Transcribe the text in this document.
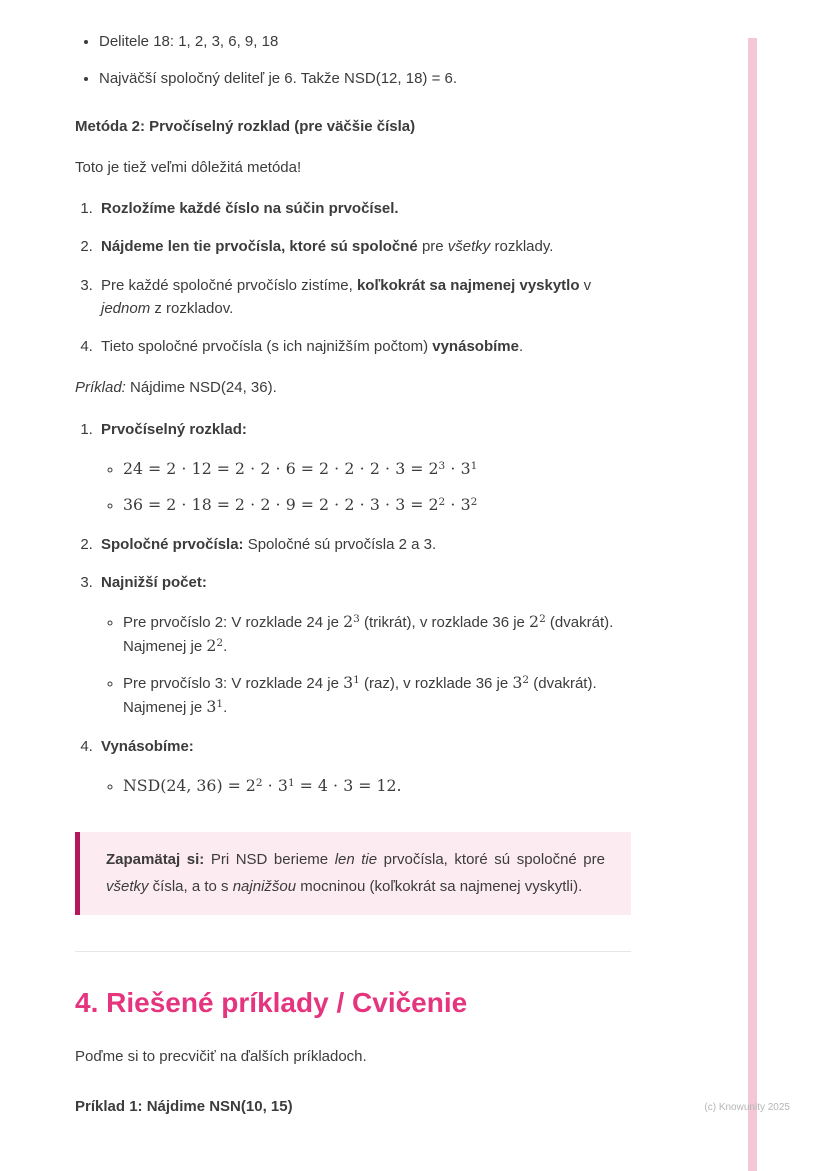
• Delitele 18: 1, 2, 3, 6, 9, 18
• Najväčší spoločný deliteľ je 6. Takže NSD(12, 18) = 6.

Metóda 2: Prvočíselný rozklad (pre väčšie čísla)

Toto je tiež veľmi dôležitá metóda!

1. Rozložíme každé číslo na súčin prvočísel.
2. Nájdeme len tie prvočísla, ktoré sú spoločné pre všetky rozklady.
3. Pre každé spoločné prvočíslo zistíme, koľkokrát sa najmenej vyskytlo v jednom z rozkladov.
4. Tieto spoločné prvočísla (s ich najnižším počtom) vynásobíme.

Príklad: Nájdime NSD(24, 36).

1. Prvočíselný rozklad:
◦ $24 = 2 \cdot 12 = 2 \cdot 2 \cdot 6 = 2 \cdot 2 \cdot 2 \cdot 3 = 2^3 \cdot 3^1$
◦ $36 = 2 \cdot 18 = 2 \cdot 2 \cdot 9 = 2 \cdot 2 \cdot 3 \cdot 3 = 2^2 \cdot 3^2$
2. Spoločné prvočísla: Spoločné sú prvočísla 2 a 3.
3. Najnižší počet:
◦ Pre prvočíslo 2: V rozklade 24 je $2^3$ (trikrát), v rozklade 36 je $2^2$ (dvakrát). Najmenej je $2^2$.
◦ Pre prvočíslo 3: V rozklade 24 je $3^1$ (raz), v rozklade 36 je $3^2$ (dvakrát). Najmenej je $3^1$.
4. Vynásobíme:
◦ NSD(24, $36) = 2^2 \cdot 3^1 = 4 \cdot 3 = 12$.

Zapamätaj si: Pri NSD berieme len tie prvočísla, ktoré sú spoločné pre všetky čísla, a to s najnižšou mocninou (koľkokrát sa najmenej vyskytli).

4. Riešené príklady / Cvičenie

Poďme si to precvičiť na ďalších príkladoch.

Príklad 1: Nájdime NSN(10, 15)	(c) Knowunity 2025
